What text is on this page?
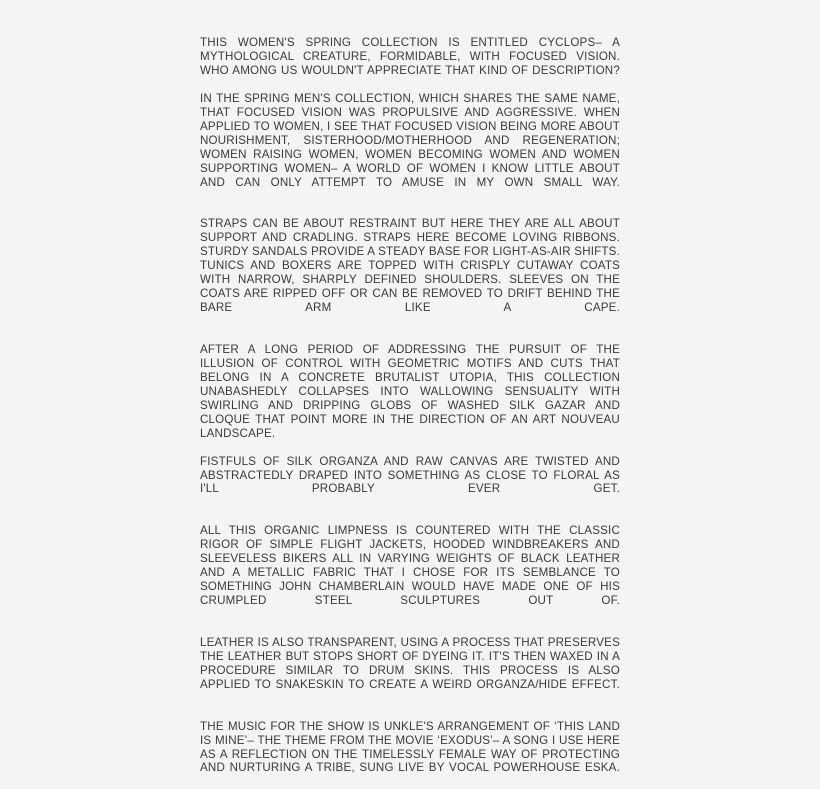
THIS WOMEN'S SPRING COLLECTION IS ENTITLED CYCLOPS– A MYTHOLOGICAL CREATURE, FORMIDABLE, WITH FOCUSED VISION. WHO AMONG US WOULDN'T APPRECIATE THAT KIND OF DESCRIPTION?

IN THE SPRING MEN'S COLLECTION, WHICH SHARES THE SAME NAME, THAT FOCUSED VISION WAS PROPULSIVE AND AGGRESSIVE. WHEN APPLIED TO WOMEN, I SEE THAT FOCUSED VISION BEING MORE ABOUT NOURISHMENT, SISTERHOOD/MOTHERHOOD AND REGENERATION; WOMEN RAISING WOMEN, WOMEN BECOMING WOMEN AND WOMEN SUPPORTING WOMEN– A WORLD OF WOMEN I KNOW LITTLE ABOUT AND CAN ONLY ATTEMPT TO AMUSE IN MY OWN SMALL WAY.

STRAPS CAN BE ABOUT RESTRAINT BUT HERE THEY ARE ALL ABOUT SUPPORT AND CRADLING. STRAPS HERE BECOME LOVING RIBBONS. STURDY SANDALS PROVIDE A STEADY BASE FOR LIGHT-AS-AIR SHIFTS. TUNICS AND BOXERS ARE TOPPED WITH CRISPLY CUTAWAY COATS WITH NARROW, SHARPLY DEFINED SHOULDERS. SLEEVES ON THE COATS ARE RIPPED OFF OR CAN BE REMOVED TO DRIFT BEHIND THE BARE ARM LIKE A CAPE.

AFTER A LONG PERIOD OF ADDRESSING THE PURSUIT OF THE ILLUSION OF CONTROL WITH GEOMETRIC MOTIFS AND CUTS THAT BELONG IN A CONCRETE BRUTALIST UTOPIA, THIS COLLECTION UNABASHEDLY COLLAPSES INTO WALLOWING SENSUALITY WITH SWIRLING AND DRIPPING GLOBS OF WASHED SILK GAZAR AND CLOQUE THAT POINT MORE IN THE DIRECTION OF AN ART NOUVEAU LANDSCAPE.

FISTFULS OF SILK ORGANZA AND RAW CANVAS ARE TWISTED AND ABSTRACTEDLY DRAPED INTO SOMETHING AS CLOSE TO FLORAL AS I'LL PROBABLY EVER GET.

ALL THIS ORGANIC LIMPNESS IS COUNTERED WITH THE CLASSIC RIGOR OF SIMPLE FLIGHT JACKETS, HOODED WINDBREAKERS AND SLEEVELESS BIKERS ALL IN VARYING WEIGHTS OF BLACK LEATHER AND A METALLIC FABRIC THAT I CHOSE FOR ITS SEMBLANCE TO SOMETHING JOHN CHAMBERLAIN WOULD HAVE MADE ONE OF HIS CRUMPLED STEEL SCULPTURES OUT OF.

LEATHER IS ALSO TRANSPARENT, USING A PROCESS THAT PRESERVES THE LEATHER BUT STOPS SHORT OF DYEING IT. IT'S THEN WAXED IN A PROCEDURE SIMILAR TO DRUM SKINS. THIS PROCESS IS ALSO APPLIED TO SNAKESKIN TO CREATE A WEIRD ORGANZA/HIDE EFFECT.

THE MUSIC FOR THE SHOW IS UNKLE'S ARRANGEMENT OF ‘THIS LAND IS MINE’– THE THEME FROM THE MOVIE ‘EXODUS’– A SONG I USE HERE AS A REFLECTION ON THE TIMELESSLY FEMALE WAY OF PROTECTING AND NURTURING A TRIBE, SUNG LIVE BY VOCAL POWERHOUSE ESKA.
